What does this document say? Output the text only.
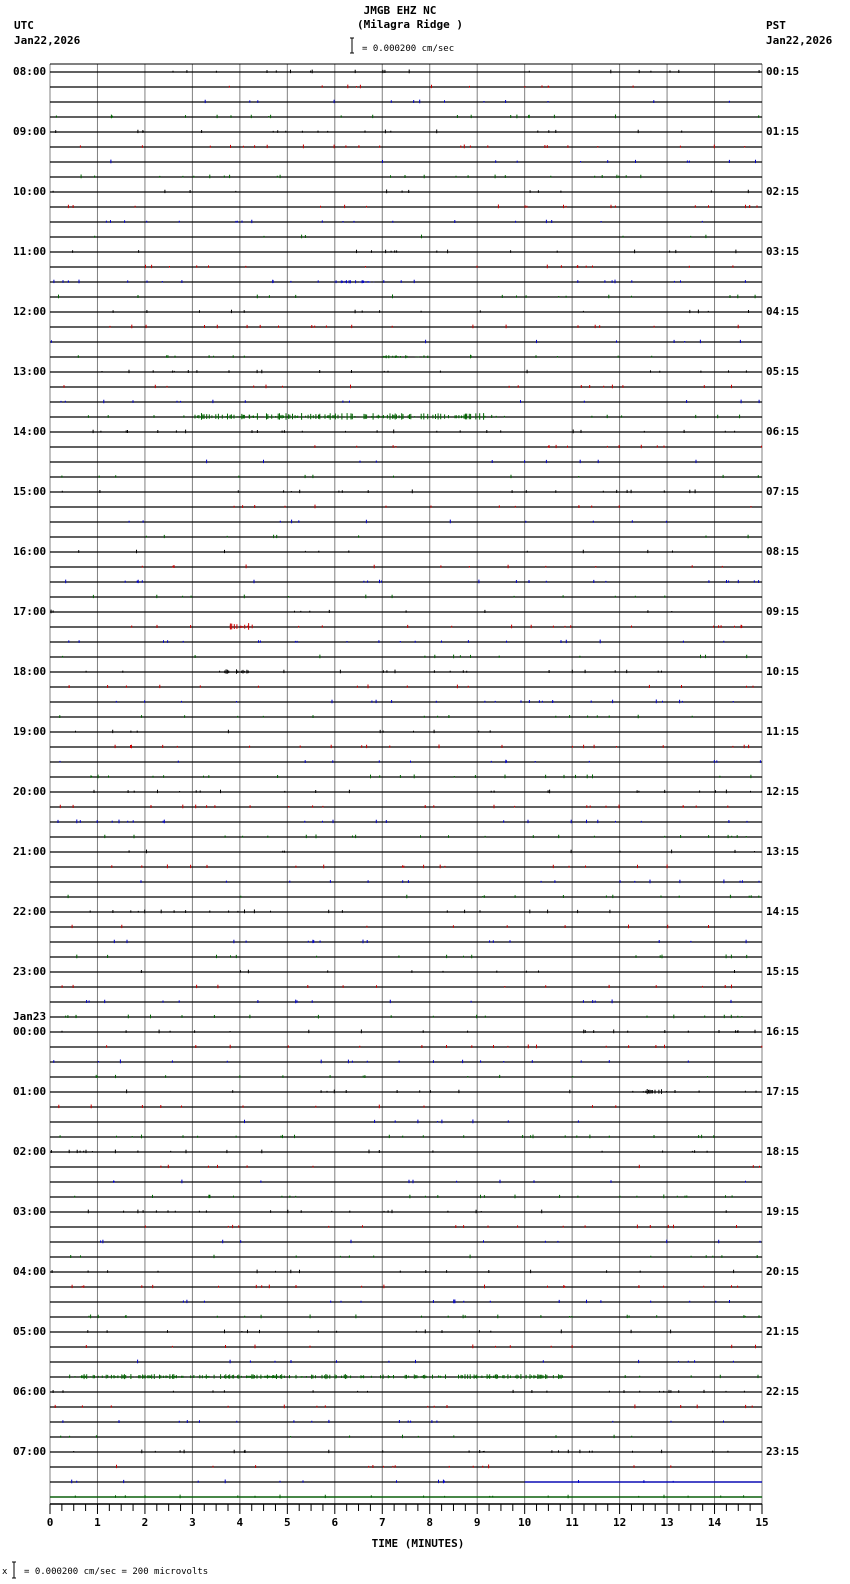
JMGB EHZ NC
(Milagra Ridge )
UTC
Jan22,2026
PST
Jan22,2026
= 0.000200 cm/sec
x = 0.000200 cm/sec = 200 microvolts
TIME (MINUTES)
08:00	00:15
09:00	01:15
10:00	02:15
11:00	03:15
12:00	04:15
13:00	05:15
14:00	06:15
15:00	07:15
16:00	08:15
17:00	09:15
18:00	10:15
19:00	11:15
20:00	12:15
21:00	13:15
22:00	14:15
23:00	15:15
00:00	16:15
01:00	17:15
02:00	18:15
03:00	19:15
04:00	20:15
05:00	21:15
06:00	22:15
07:00	23:15
Jan23
0	1	2	3	4	5	6	7	8	9	10	11	12	13	14	15
